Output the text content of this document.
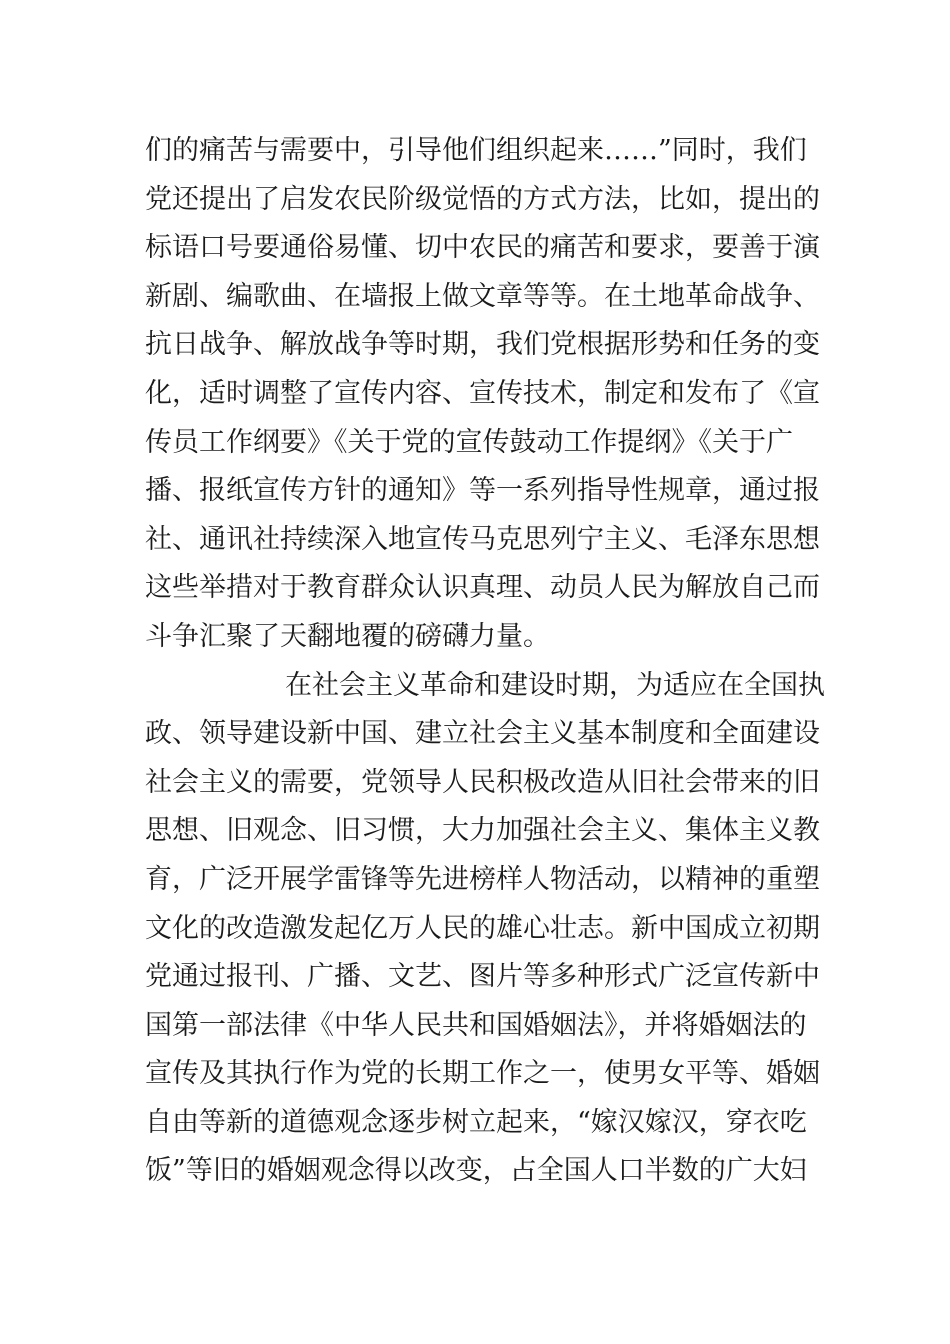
们的痛苦与需要中，引导他们组织起来……”同时，我们
党还提出了启发农民阶级觉悟的方式方法，比如，提出的
标语口号要通俗易懂、切中农民的痛苦和要求，要善于演
新剧、编歌曲、在墙报上做文章等等。在土地革命战争、
抗日战争、解放战争等时期，我们党根据形势和任务的变
化，适时调整了宣传内容、宣传技术，制定和发布了《宣
传员工作纲要》《关于党的宣传鼓动工作提纲》《关于广
播、报纸宣传方针的通知》等一系列指导性规章，通过报
社、通讯社持续深入地宣传马克思列宁主义、毛泽东思想
这些举措对于教育群众认识真理、动员人民为解放自己而
斗争汇聚了天翻地覆的磅礴力量。
在社会主义革命和建设时期，为适应在全国执
政、领导建设新中国、建立社会主义基本制度和全面建设
社会主义的需要，党领导人民积极改造从旧社会带来的旧
思想、旧观念、旧习惯，大力加强社会主义、集体主义教
育，广泛开展学雷锋等先进榜样人物活动，以精神的重塑
文化的改造激发起亿万人民的雄心壮志。新中国成立初期
党通过报刊、广播、文艺、图片等多种形式广泛宣传新中
国第一部法律《中华人民共和国婚姻法》，并将婚姻法的
宣传及其执行作为党的长期工作之一，使男女平等、婚姻
自由等新的道德观念逐步树立起来，“嫁汉嫁汉，穿衣吃
饭”等旧的婚姻观念得以改变，占全国人口半数的广大妇
